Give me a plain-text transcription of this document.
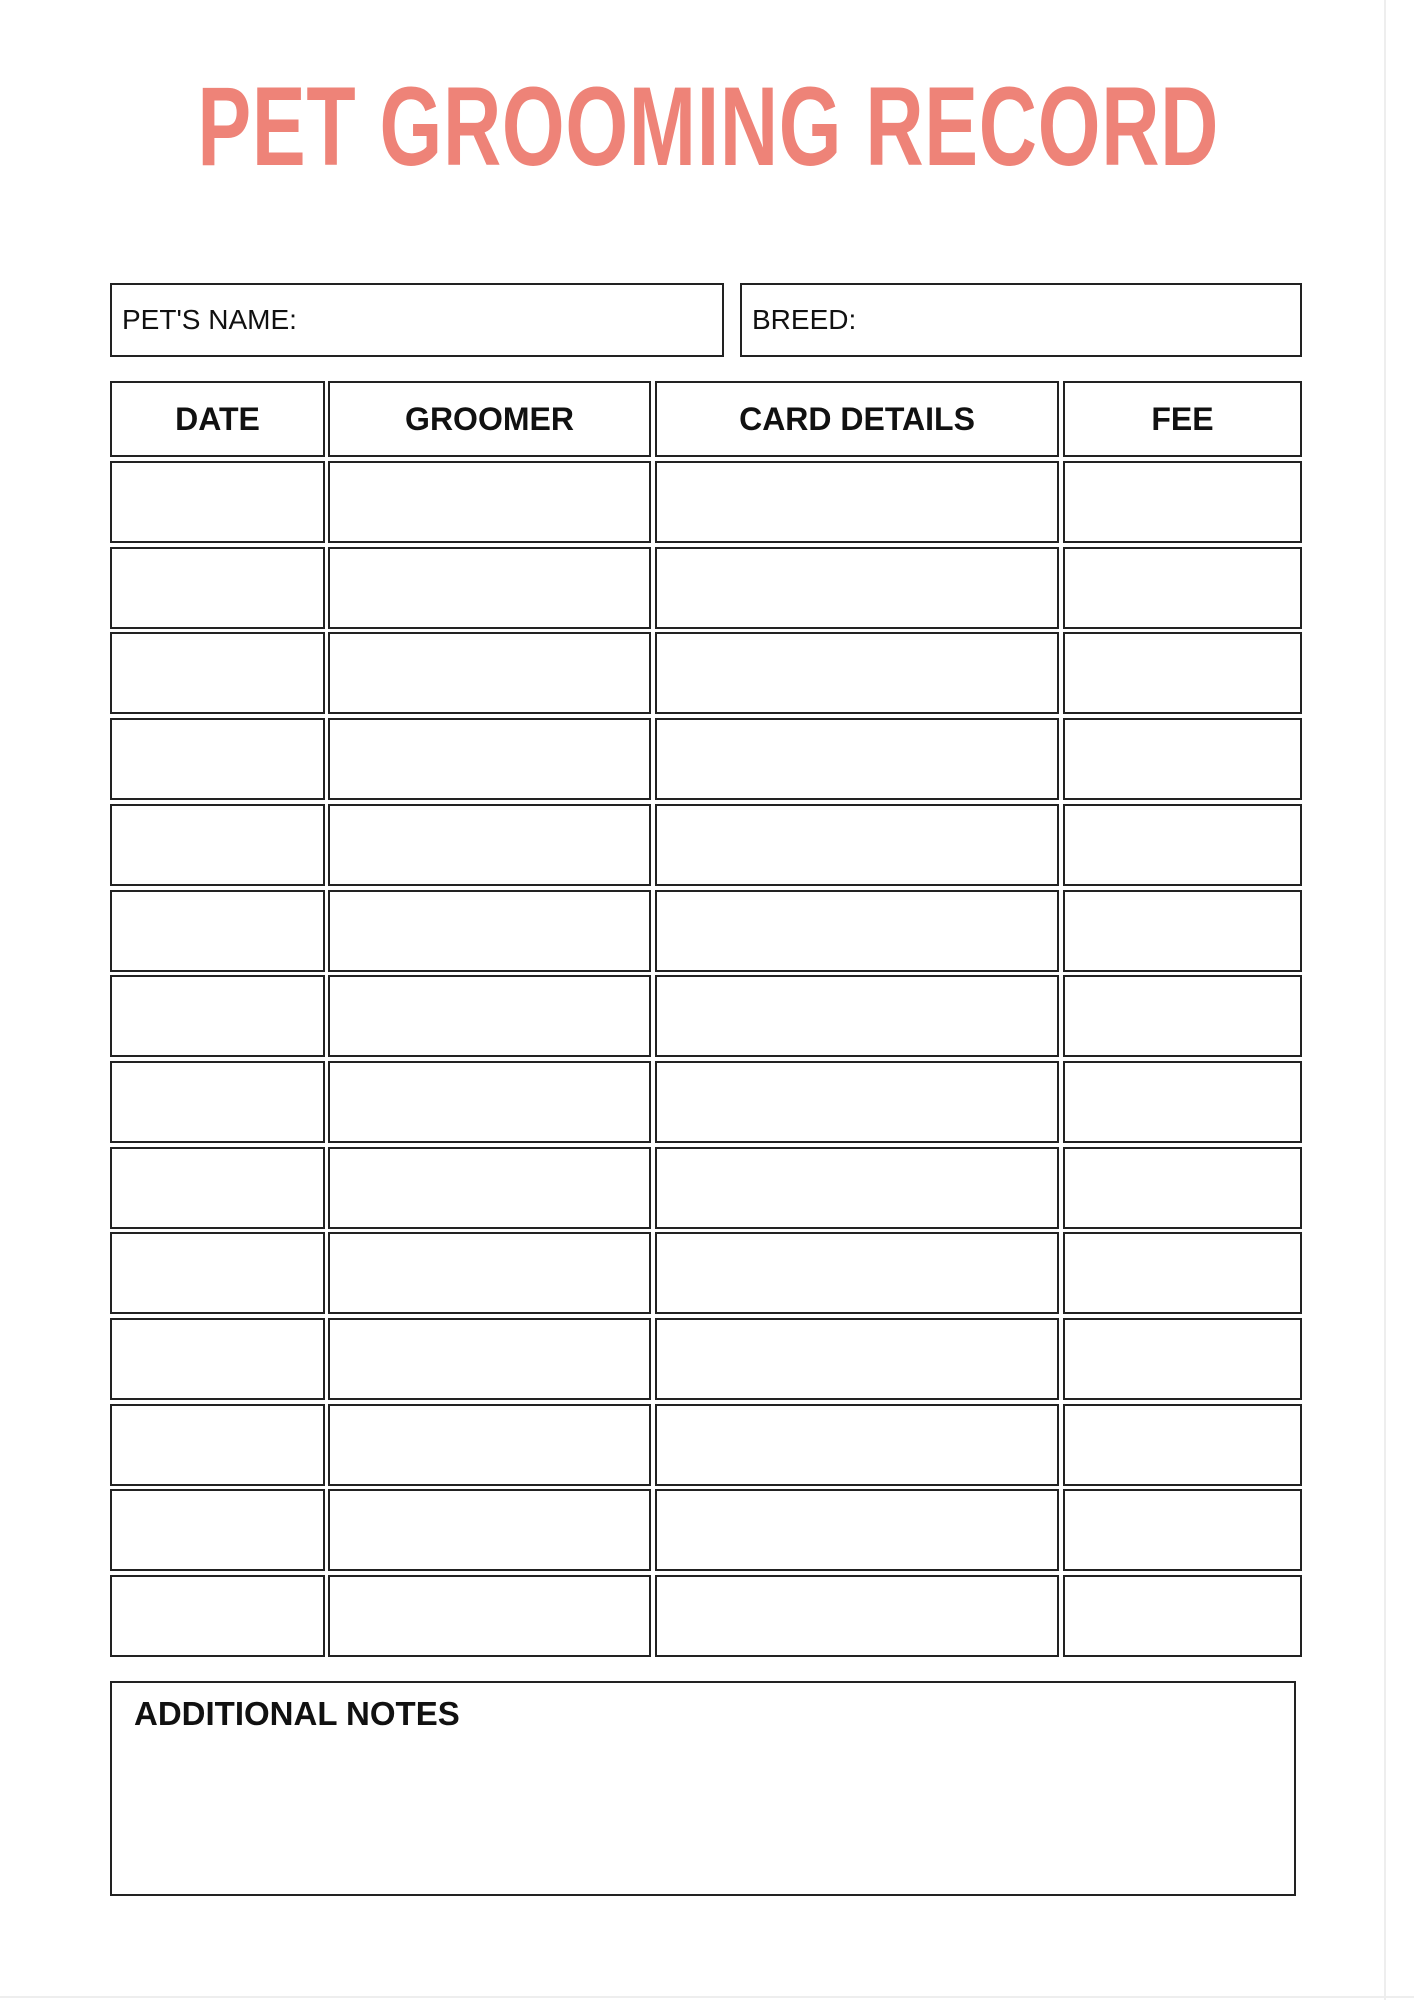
PET GROOMING RECORD
PET'S NAME:	BREED:
DATE	GROOMER	CARD DETAILS	FEE
ADDITIONAL NOTES
